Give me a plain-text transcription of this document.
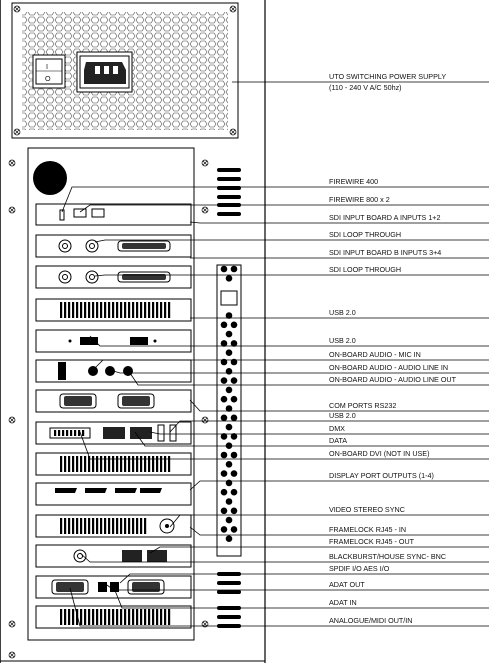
I
O	UTO SWITCHING POWER SUPPLY
(110 - 240 V A/C 50hz)
FIREWIRE 400
FIREWIRE 800 x 2
SDI INPUT BOARD A INPUTS 1+2
SDI LOOP THROUGH
SDI INPUT BOARD B INPUTS 3+4
SDI LOOP THROUGH
USB 2.0
USB 2.0
ON-BOARD AUDIO - MIC IN
ON-BOARD AUDIO - AUDIO LINE IN
ON-BOARD AUDIO - AUDIO LINE OUT
COM PORTS RS232
USB 2.0
DMX
DATA
ON-BOARD DVI (NOT IN USE)
DISPLAY PORT OUTPUTS (1-4)
VIDEO STEREO SYNC
FRAMELOCK RJ45 - IN
FRAMELOCK RJ45 - OUT
BLACKBURST/HOUSE SYNC- BNC
SPDIF I/O AES I/O
ADAT OUT
ADAT IN
ANALOGUE/MIDI OUT/IN
